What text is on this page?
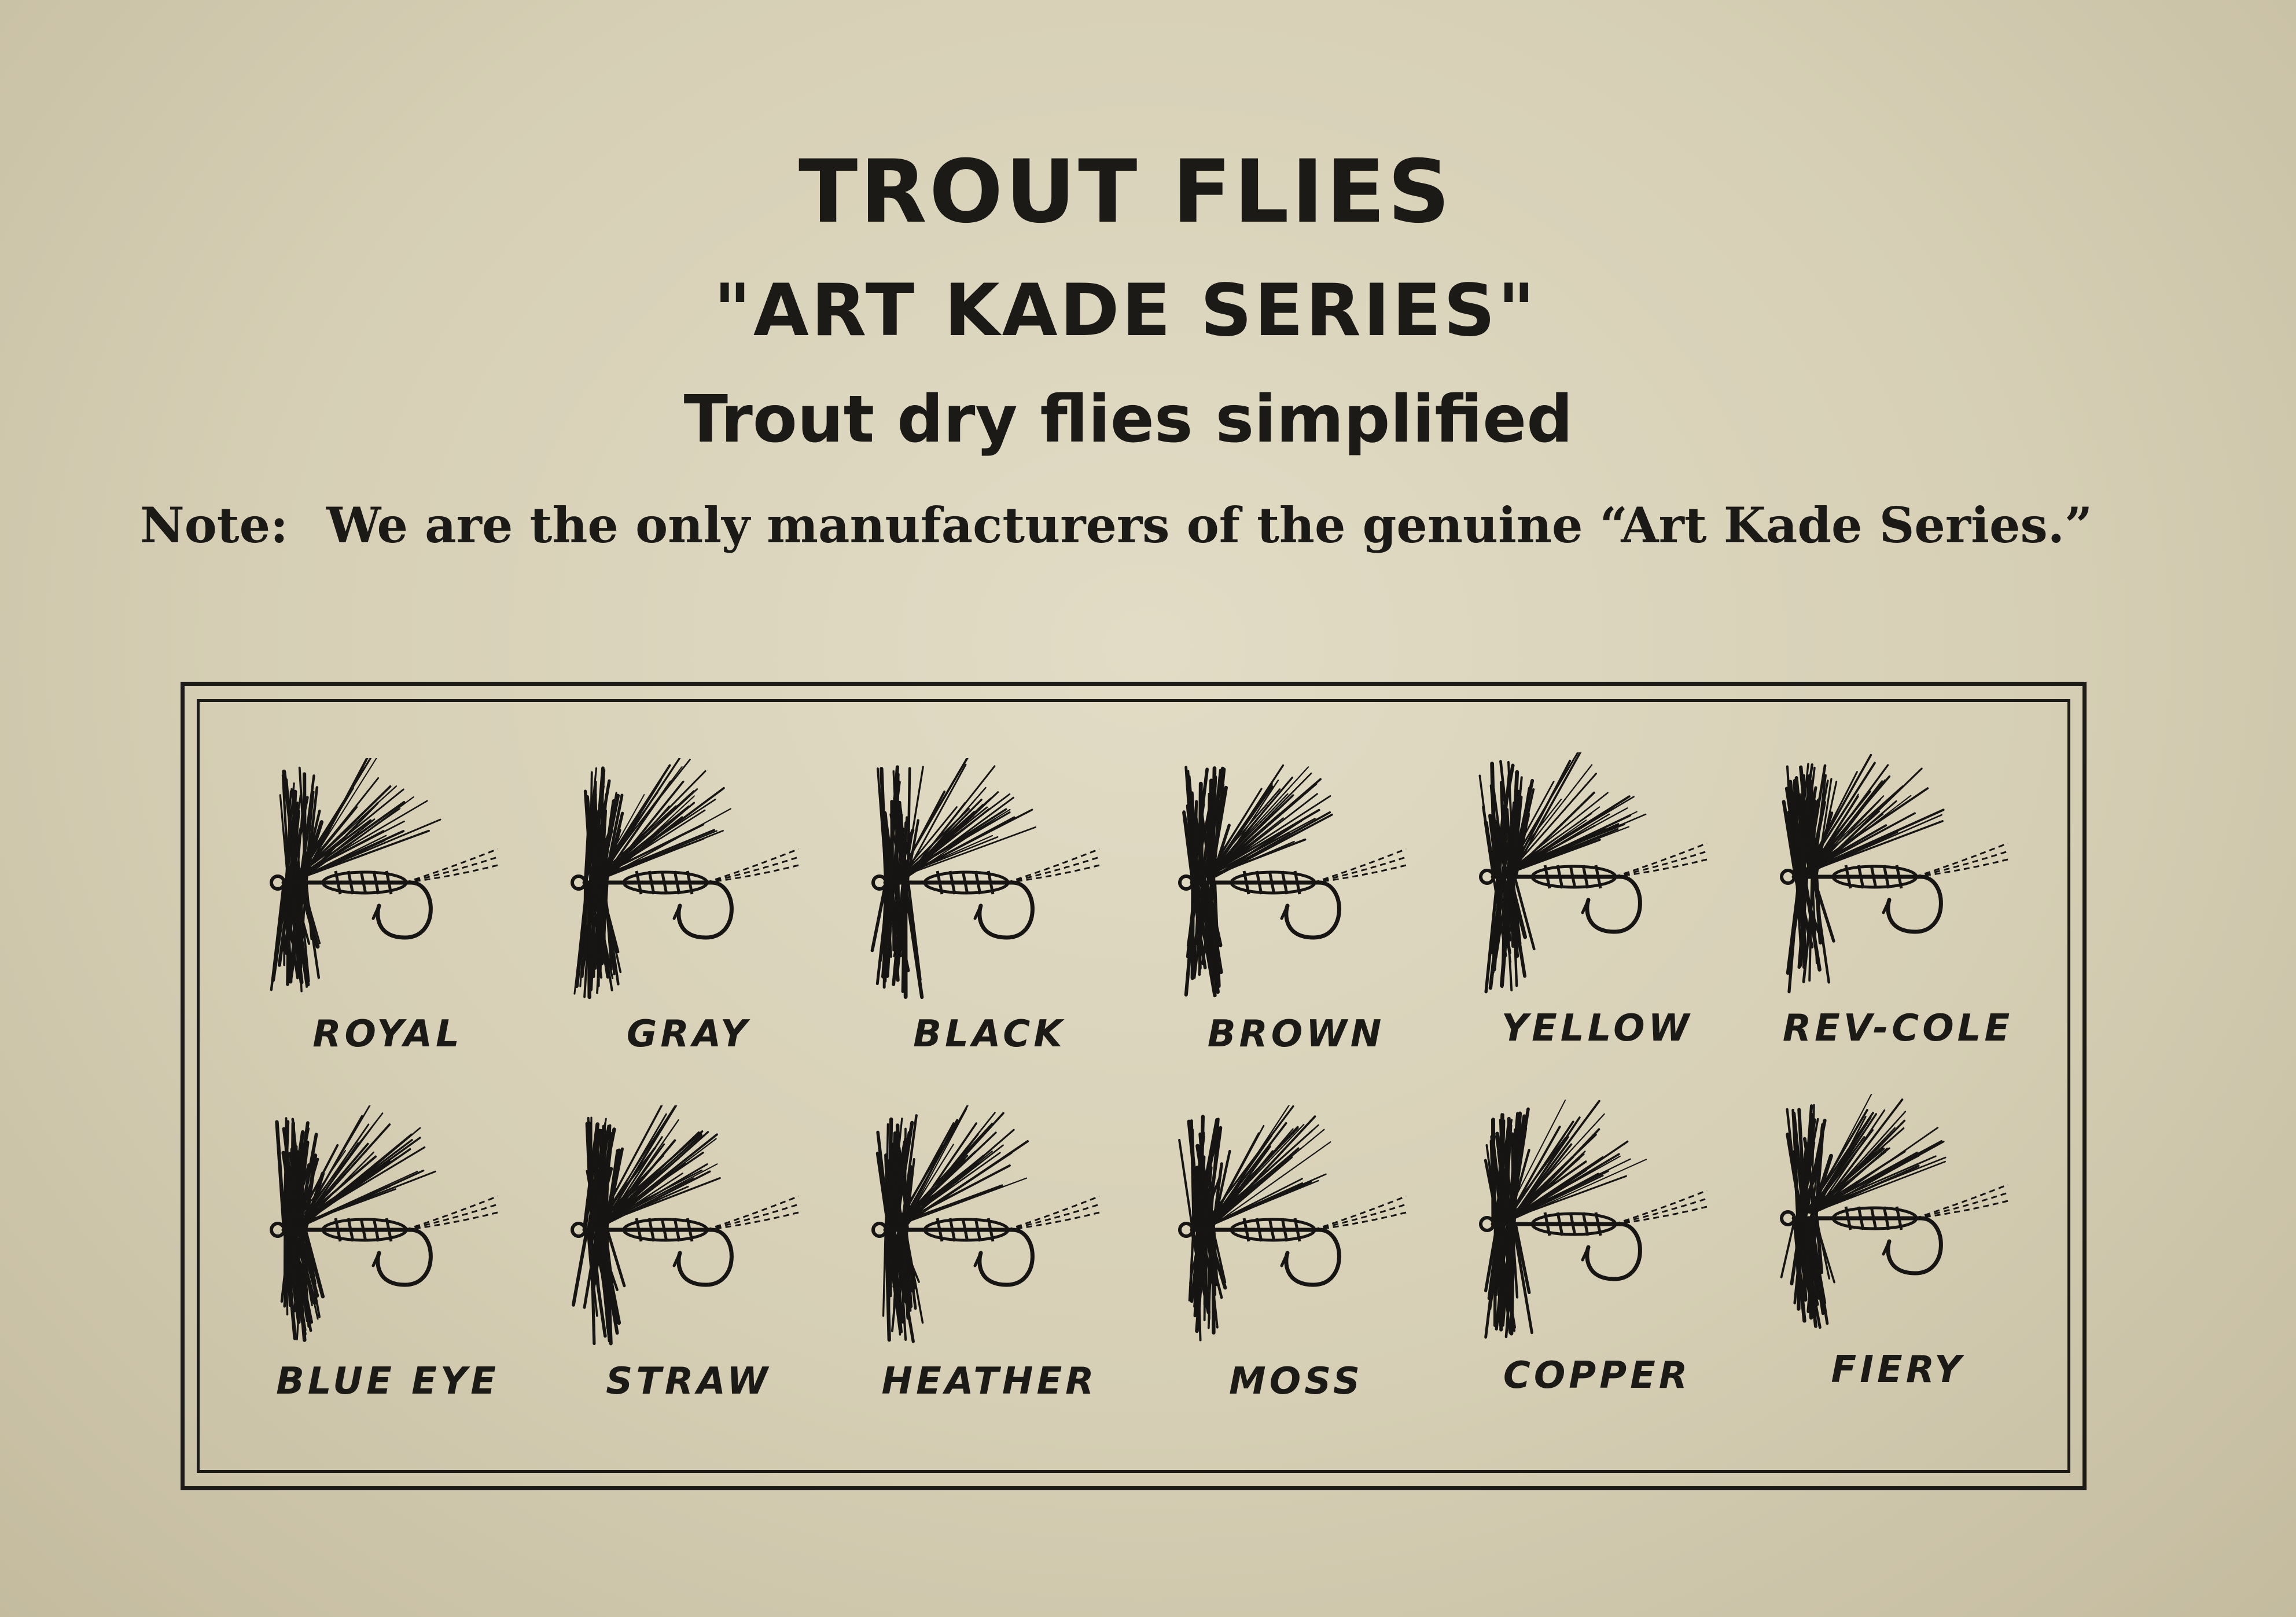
TROUT FLIES
"ART KADE SERIES"
Trout dry flies simplified
Note: We are the only manufacturers of the genuine “Art Kade Series.”
ROYAL	GRAY	BLACK	BROWN	YELLOW	REV-COLE
BLUE EYE	STRAW	HEATHER	MOSS	COPPER	FIERY
